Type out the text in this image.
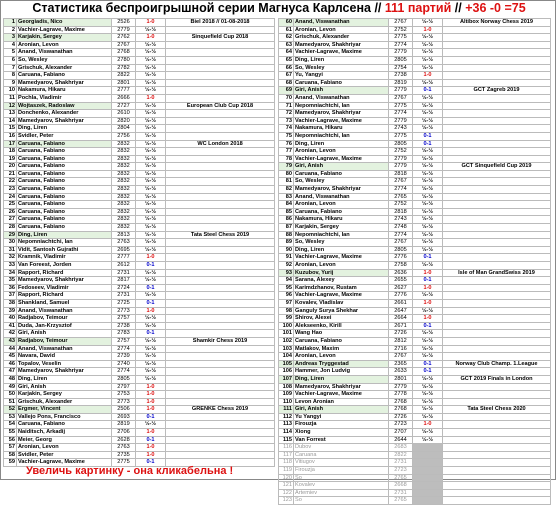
Статистика беспроигрышной серии Магнуса Карлсена // 111 партий // +36 -0 =75
1	Georgiadis, Nico	2526	1-0	Biel 2018 // 01-08-2018
2	Vachier-Lagrave, Maxime	2779	½-½	
3	Karjakin, Sergey	2762	1-0	Sinquefield Cup 2018
4	Aronian, Levon	2767	½-½	
5	Anand, Viswanathan	2768	½-½	
6	So, Wesley	2780	½-½	
7	Grischuk, Alexander	2782	½-½	
8	Caruana, Fabiano	2822	½-½	
9	Mamedyarov, Shakhriyar	2801	½-½	
10	Nakamura, Hikaru	2777	½-½	
11	Pochla, Vladimir	2666	1-0	
12	Wojtaszek, Radoslaw	2727	½-½	European Club Cup 2018
13	Donchenko, Alexander	2610	½-½	
14	Mamedyarov, Shakhriyar	2820	½-½	
15	Ding, Liren	2804	½-½	
16	Svidler, Peter	2756	½-½	
17	Caruana, Fabiano	2832	½-½	WC London 2018
18	Caruana, Fabiano	2832	½-½	
19	Caruana, Fabiano	2832	½-½	
20	Caruana, Fabiano	2832	½-½	
21	Caruana, Fabiano	2832	½-½	
22	Caruana, Fabiano	2832	½-½	
23	Caruana, Fabiano	2832	½-½	
24	Caruana, Fabiano	2832	½-½	
25	Caruana, Fabiano	2832	½-½	
26	Caruana, Fabiano	2832	½-½	
27	Caruana, Fabiano	2832	½-½	
28	Caruana, Fabiano	2832	½-½	
29	Ding, Liren	2813	½-½	Tata Steel Chess 2019
30	Nepomniachtchi, Ian	2763	½-½	
31	Vidit, Santosh Gujrathi	2695	½-½	
32	Kramnik, Vladimir	2777	1-0	
33	Van Foreest, Jorden	2612	0-1	
34	Rapport, Richard	2731	½-½	
35	Mamedyarov, Shakhriyar	2817	½-½	
36	Fedoseev, Vladimir	2724	0-1	
37	Rapport, Richard	2731	½-½	
38	Shankland, Samuel	2725	0-1	
39	Anand, Viswanathan	2773	1-0	
40	Radjabov, Teimour	2757	½-½	
41	Duda, Jan-Krzysztof	2738	½-½	
42	Giri, Anish	2783	0-1	
43	Radjabov, Teimour	2757	½-½	Shamkir Chess 2019
44	Anand, Viswanathan	2774	½-½	
45	Navara, David	2739	½-½	
46	Topalov, Veselin	2740	½-½	
47	Mamedyarov, Shakhriyar	2774	½-½	
48	Ding, Liren	2805	½-½	
49	Giri, Anish	2797	1-0	
50	Karjakin, Sergey	2753	1-0	
51	Grischuk, Alexander	2773	1-0	
52	Ergmer, Vincent	2506	1-0	GRENKE Chess 2019
53	Vallejo Pons, Francisco	2693	0-1	
54	Caruana, Fabiano	2819	½-½	
55	Naiditsch, Arkadij	2706	1-0	
56	Meier, Georg	2628	0-1	
57	Aronian, Levon	2763	1-0	
58	Svidler, Peter	2735	1-0	
59	Vachier-Lagrave, Maxime	2775	0-1	
60	Anand, Viswanathan	2767	½-½	Altibox Norway Chess 2019
61	Aronian, Levon	2752	1-0	
62	Grischuk, Alexander	2775	½-½	
63	Mamedyarov, Shakhriyar	2774	½-½	
64	Vachier-Lagrave, Maxime	2779	½-½	
65	Ding, Liren	2805	½-½	
66	So, Wesley	2754	½-½	
67	Yu, Yangyi	2738	1-0	
68	Caruana, Fabiano	2819	½-½	
69	Giri, Anish	2779	0-1	GCT Zagreb 2019
70	Anand, Viswanathan	2767	½-½	
71	Nepomniachtchi, Ian	2775	½-½	
72	Mamedyarov, Shakhriyar	2774	½-½	
73	Vachier-Lagrave, Maxime	2779	½-½	
74	Nakamura, Hikaru	2743	½-½	
75	Nepomniachtchi, Ian	2775	0-1	
76	Ding, Liren	2805	0-1	
77	Aronian, Levon	2752	½-½	
78	Vachier-Lagrave, Maxime	2779	½-½	
79	Giri, Anish	2779	½-½	GCT Sinquefield Cup 2019
80	Caruana, Fabiano	2818	½-½	
81	So, Wesley	2767	½-½	
82	Mamedyarov, Shakhriyar	2774	½-½	
83	Anand, Viswanathan	2765	½-½	
84	Aronian, Levon	2752	½-½	
85	Caruana, Fabiano	2818	½-½	
86	Nakamura, Hikaru	2743	½-½	
87	Karjakin, Sergey	2748	½-½	
88	Nepomniachtchi, Ian	2774	½-½	
89	So, Wesley	2767	½-½	
90	Ding, Liren	2805	½-½	
91	Vachier-Lagrave, Maxime	2776	0-1	
92	Aronian, Levon	2758	½-½	
93	Kuzubov, Yurij	2636	1-0	Isle of Man GrandSwiss 2019
94	Sarana, Alexey	2655	0-1	
95	Karimdzhanov, Rustam	2627	1-0	
96	Vachier-Lagrave, Maxime	2776	½-½	
97	Kovalev, Vladislav	2661	1-0	
98	Ganguly Surya Shekhar	2647	½-½	
99	Shirov, Alexei	2664	1-0	
100	Alekseenko, Kirill	2671	0-1	
101	Wang Hao	2726	½-½	
102	Caruana, Fabiano	2812	½-½	
103	Matlakov, Maxim	2716	½-½	
104	Aronian, Levon	2767	½-½	
105	Andreas Tryggestad	2365	0-1	Norway Club Champ. 1.League
106	Hammer, Jon Ludvig	2633	0-1	
107	Ding, Liren	2801	½-½	GCT 2019 Finals in London
108	Mamedyarov, Shakhriyar	2779	½-½	
109	Vachier-Lagrave, Maxime	2778	½-½	
110	Levon Aronian	2768	½-½	
111	Giri, Anish	2768	½-½	Tata Steel Chess 2020
112	Yu Yangyi	2726	½-½	
113	Firouzja	2723	1-0	
114	Xiong	2707	½-½	
115	Van Forrest	2644	½-½	
116	Dubov	2683		
117	Caruana	2822		
118	Vitiugov	2731		
119	Firouzja	2723		
120	So	2765		
121	Kovalev	2668		
122	Artemiev	2731		
123	So	2765		
Увеличь картинку - она кликабельна !
